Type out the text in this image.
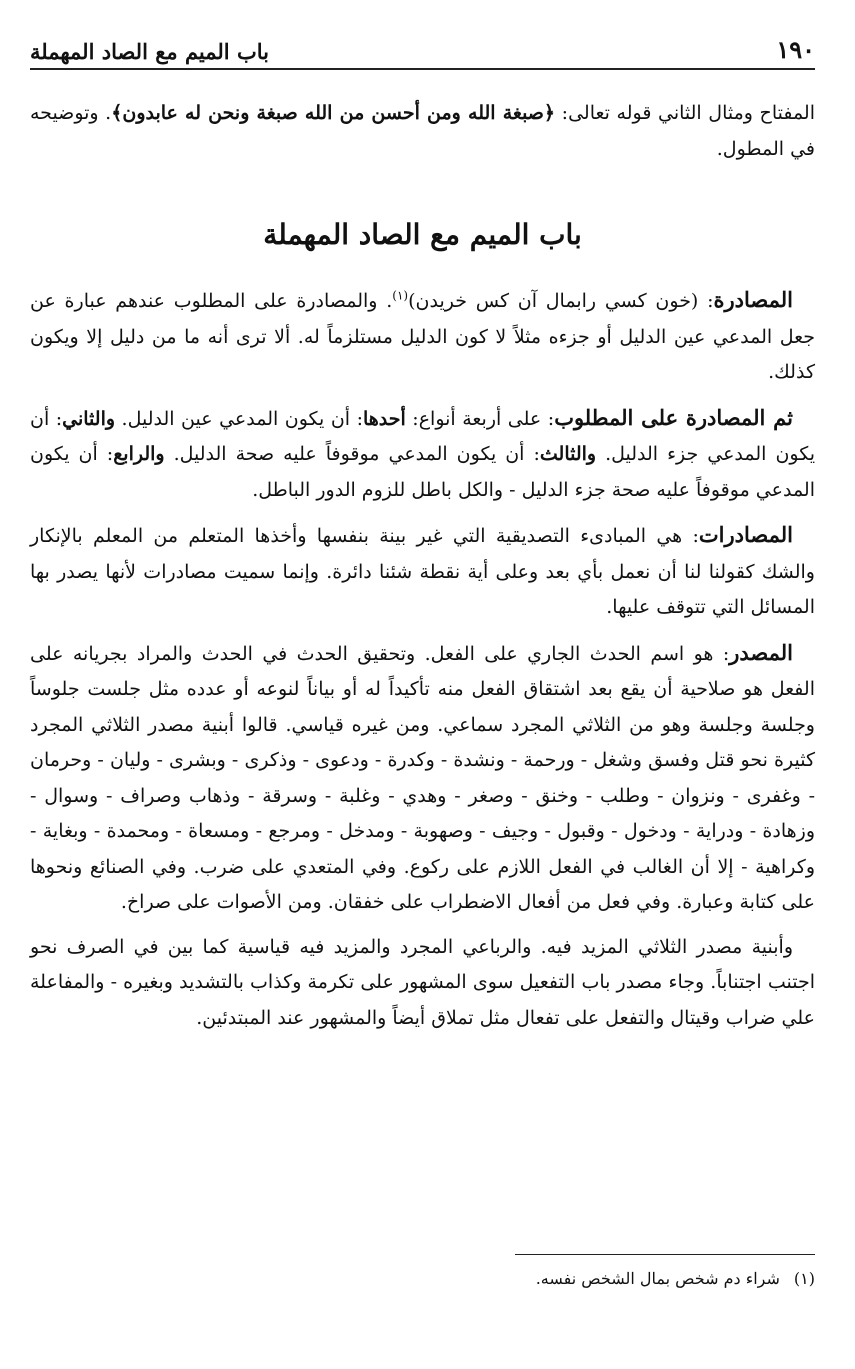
١٩٠
باب الميم مع الصاد المهملة

المفتاح ومثال الثاني قوله تعالى: ﴿صبغة الله ومن أحسن من الله صبغة ونحن له عابدون﴾. وتوضيحه في المطول.

باب الميم مع الصاد المهملة

المصادرة: (خون كسي رابمال آن كس خريدن)$^{(١)}$. والمصادرة على المطلوب عندهم عبارة عن جعل المدعي عين الدليل أو جزءه مثلاً لا كون الدليل مستلزماً له. ألا ترى أنه ما من دليل إلا ويكون كذلك.

ثم المصادرة على المطلوب: على أربعة أنواع: أحدها: أن يكون المدعي عين الدليل. والثاني: أن يكون المدعي جزء الدليل. والثالث: أن يكون المدعي موقوفاً عليه صحة الدليل. والرابع: أن يكون المدعي موقوفاً عليه صحة جزء الدليل - والكل باطل للزوم الدور الباطل.

المصادرات: هي المبادىء التصديقية التي غير بينة بنفسها وأخذها المتعلم من المعلم بالإنكار والشك كقولنا لنا أن نعمل بأي بعد وعلى أية نقطة شئنا دائرة. وإنما سميت مصادرات لأنها يصدر بها المسائل التي تتوقف عليها.

المصدر: هو اسم الحدث الجاري على الفعل. وتحقيق الحدث في الحدث والمراد بجريانه على الفعل هو صلاحية أن يقع بعد اشتقاق الفعل منه تأكيداً له أو بياناً لنوعه أو عدده مثل جلست جلوساً وجلسة وجلسة وهو من الثلاثي المجرد سماعي. ومن غيره قياسي. قالوا أبنية مصدر الثلاثي المجرد كثيرة نحو قتل وفسق وشغل - ورحمة - ونشدة - وكدرة - ودعوى - وذكرى - وبشرى - وليان - وحرمان - وغفرى - ونزوان - وطلب - وخنق - وصغر - وهدي - وغلبة - وسرقة - وذهاب وصراف - وسوال - وزهادة - ودراية - ودخول - وقبول - وجيف - وصهوبة - ومدخل - ومرجع - ومسعاة - ومحمدة - وبغاية - وكراهية - إلا أن الغالب في الفعل اللازم على ركوع. وفي المتعدي على ضرب. وفي الصنائع ونحوها على كتابة وعبارة. وفي فعل من أفعال الاضطراب على خفقان. ومن الأصوات على صراخ.

وأبنية مصدر الثلاثي المزيد فيه. والرباعي المجرد والمزيد فيه قياسية كما بين في الصرف نحو اجتنب اجتناباً. وجاء مصدر باب التفعيل سوى المشهور على تكرمة وكذاب بالتشديد وبغيره - والمفاعلة علي ضراب وقيتال والتفعل على تفعال مثل تملاق أيضاً والمشهور عند المبتدئين.

(١)شراء دم شخص بمال الشخص نفسه.
